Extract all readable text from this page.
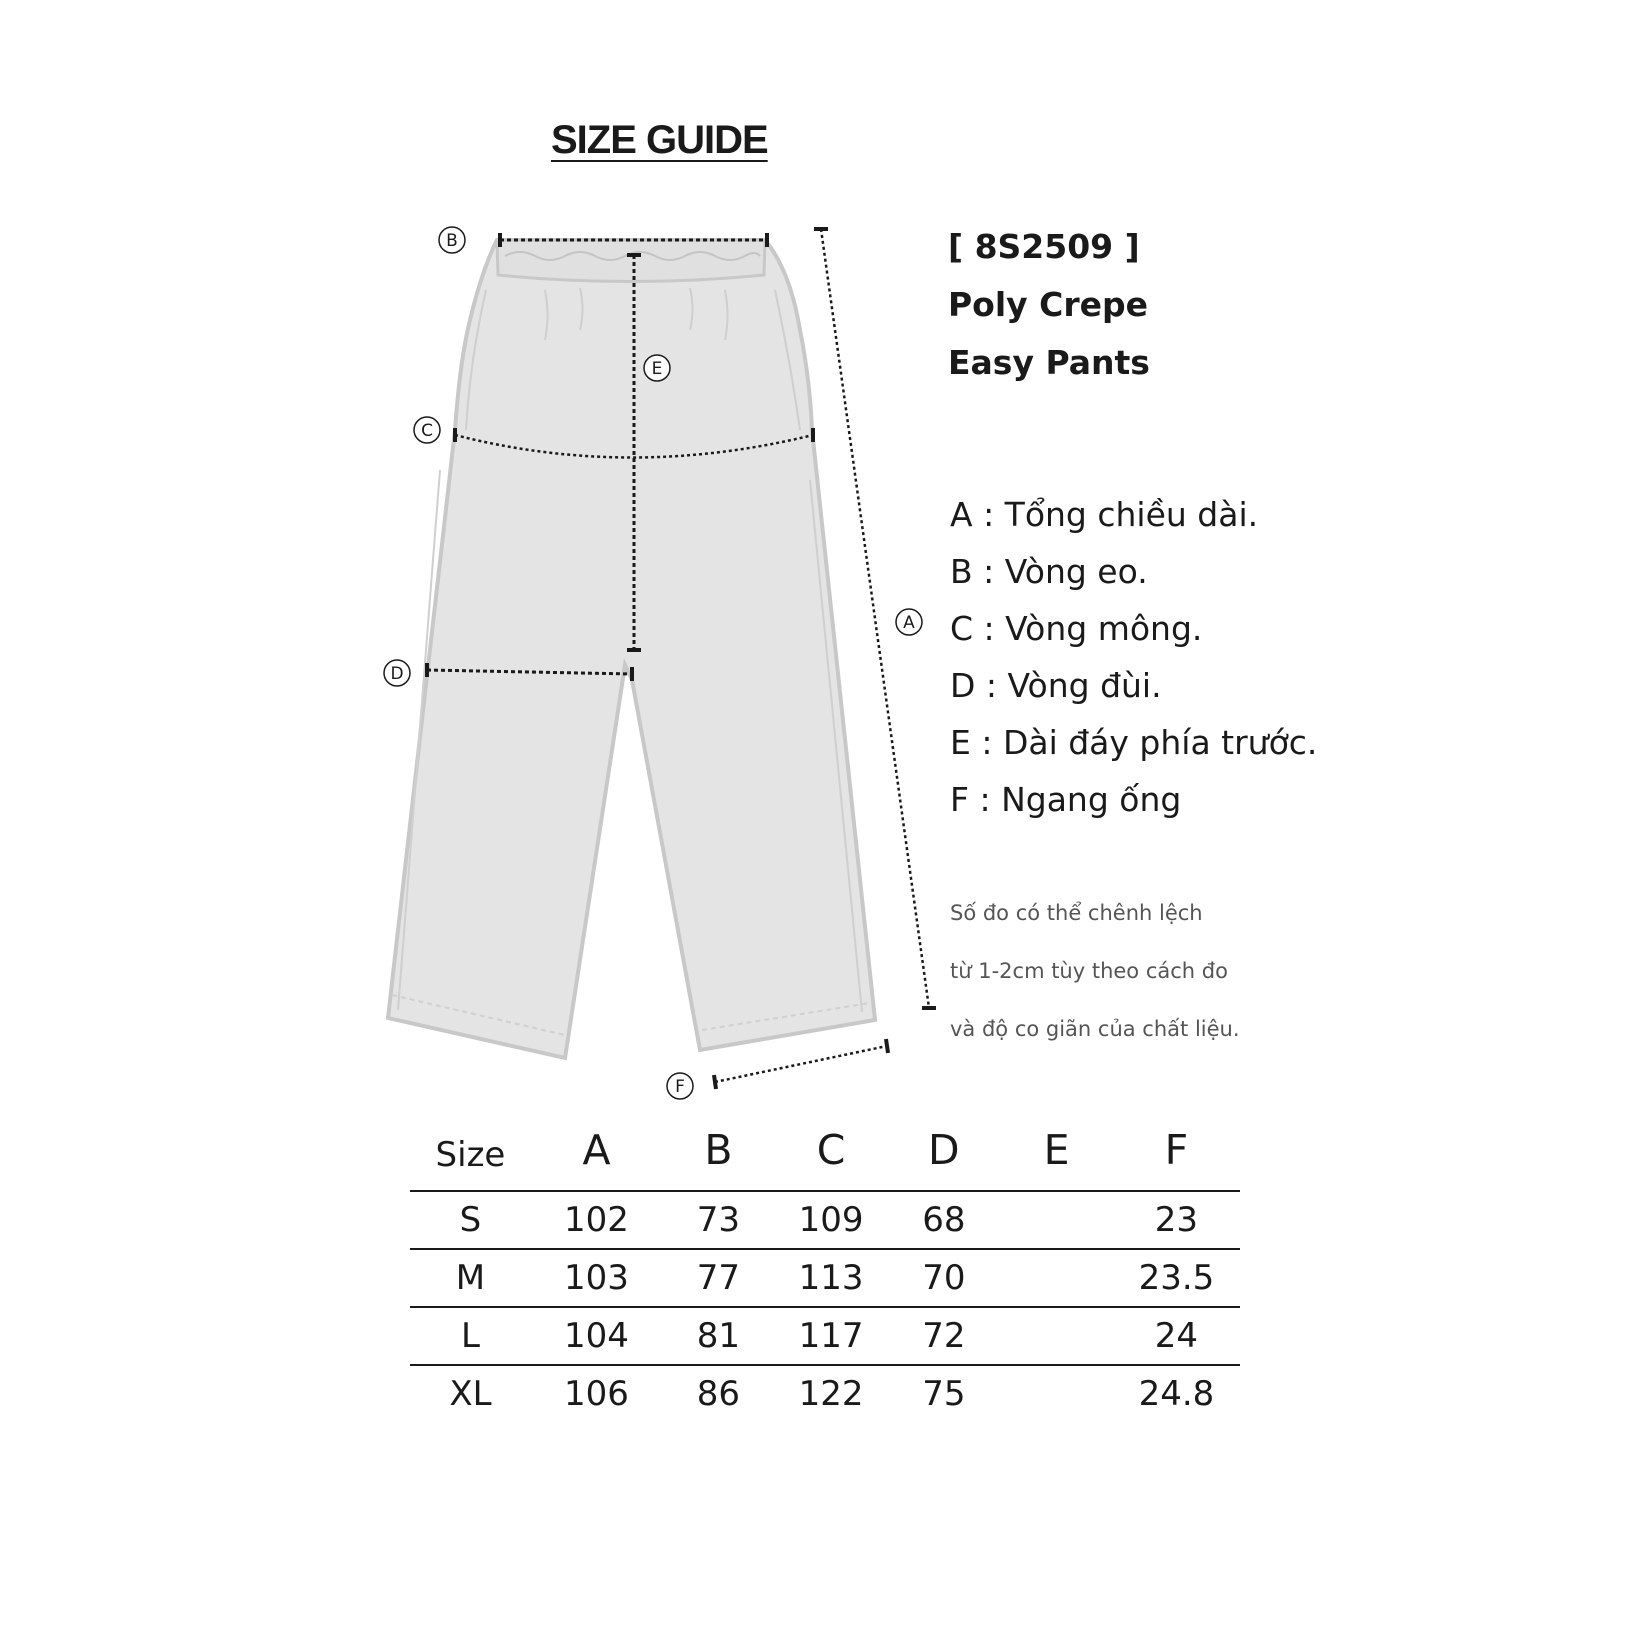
SIZE GUIDE
B
E
C
D
A
F
[ 8S2509 ]
Poly Crepe
Easy Pants
A : Tổng chiều dài.
B : Vòng eo.
C : Vòng mông.
D : Vòng đùi.
E : Dài đáy phía trước.
F : Ngang ống
Số đo có thể chênh lệch
từ 1-2cm tùy theo cách đo
và độ co giãn của chất liệu.
Size	A	B	C	D	E	F
S	102	73	109	68		23
M	103	77	113	70		23.5
L	104	81	117	72		24
XL	106	86	122	75		24.8
